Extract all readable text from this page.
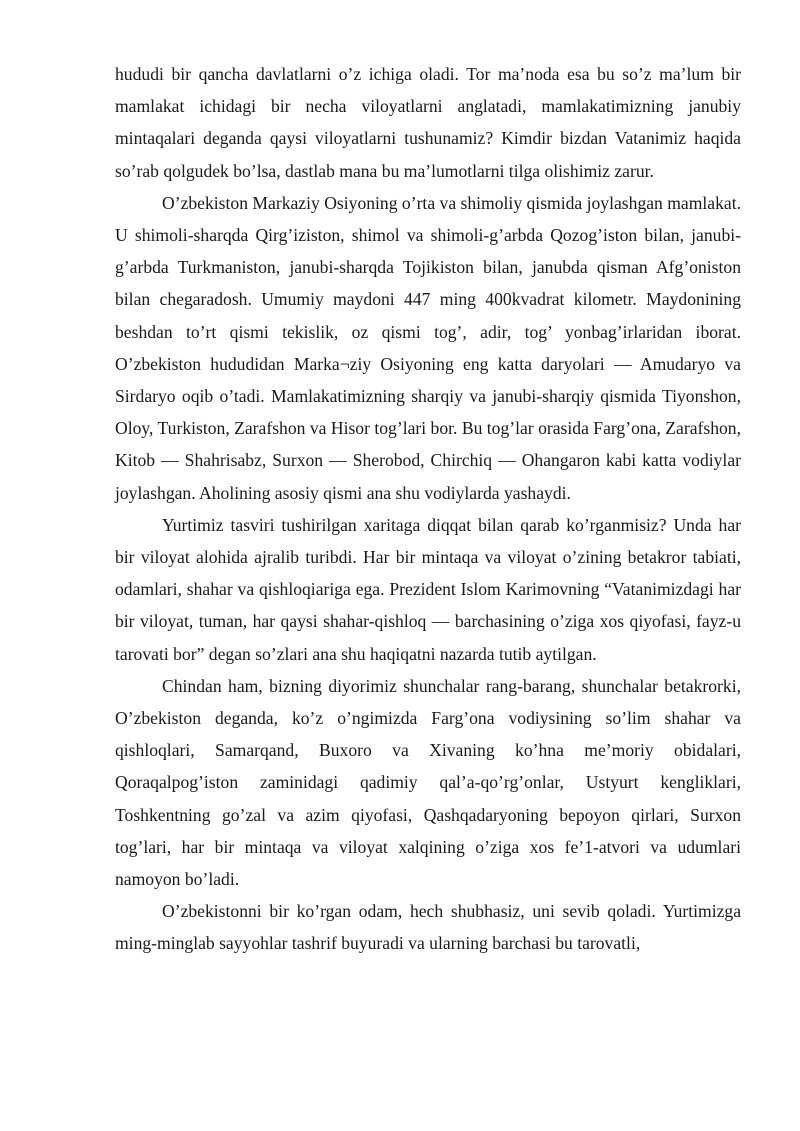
hududi bir qancha davlatlarni o’z ichiga oladi. Tor ma’noda esa bu so’z ma’lum bir mamlakat ichidagi bir necha viloyatlarni anglatadi, mamlakatimizning janubiy mintaqalari deganda qaysi viloyatlarni tushunamiz? Kimdir bizdan Vatanimiz haqida so’rab qolgudek bo’lsa, dastlab mana bu ma’lumotlarni tilga olishimiz zarur.

O’zbekiston Markaziy Osiyoning o’rta va shimoliy qismida joylashgan mamlakat. U shimoli-sharqda Qirg’iziston, shimol va shimoli-g’arbda Qozog’iston bilan, janubi-g’arbda Turkmaniston, janubi-sharqda Tojikiston bilan, janubda qisman Afg’oniston bilan chegaradosh. Umumiy maydoni 447 ming 400kvadrat kilometr. Maydonining beshdan to’rt qismi tekislik, oz qismi tog’, adir, tog’ yonbag’irlaridan iborat. O’zbekiston hududidan Marka¬ziy Osiyoning eng katta daryolari — Amudaryo va Sirdaryo oqib o’tadi. Mamlakatimizning sharqiy va janubi-sharqiy qismida Tiyonshon, Oloy, Turkiston, Zarafshon va Hisor tog’lari bor. Bu tog’lar orasida Farg’ona, Zarafshon, Kitob — Shahrisabz, Surxon — Sherobod, Chirchiq — Ohangaron kabi katta vodiylar joylashgan. Aholining asosiy qismi ana shu vodiylarda yashaydi.

Yurtimiz tasviri tushirilgan xaritaga diqqat bilan qarab ko’rganmisiz? Unda har bir viloyat alohida ajralib turibdi. Har bir mintaqa va viloyat o’zining betakror tabiati, odamlari, shahar va qishloqiariga ega. Prezident Islom Karimovning “Vatanimizdagi har bir viloyat, tuman, har qaysi shahar-qishloq — barchasining o’ziga xos qiyofasi, fayz-u tarovati bor” degan so’zlari ana shu haqiqatni nazarda tutib aytilgan.

Chindan ham, bizning diyorimiz shunchalar rang-barang, shunchalar betakrorki, O’zbekiston deganda, ko’z o’ngimizda Farg’ona vodiysining so’lim shahar va qishloqlari, Samarqand, Buxoro va Xivaning ko’hna me’moriy obidalari, Qoraqalpog’iston zaminidagi qadimiy qal’a-qo’rg’onlar, Ustyurt kengliklari, Toshkentning go’zal va azim qiyofasi, Qashqadaryoning bepoyon qirlari, Surxon tog’lari, har bir mintaqa va viloyat xalqining o’ziga xos fe’1-atvori va udumlari namoyon bo’ladi.

O’zbekistonni bir ko’rgan odam, hech shubhasiz, uni sevib qoladi. Yurtimizga ming-minglab sayyohlar tashrif buyuradi va ularning barchasi bu tarovatli,
